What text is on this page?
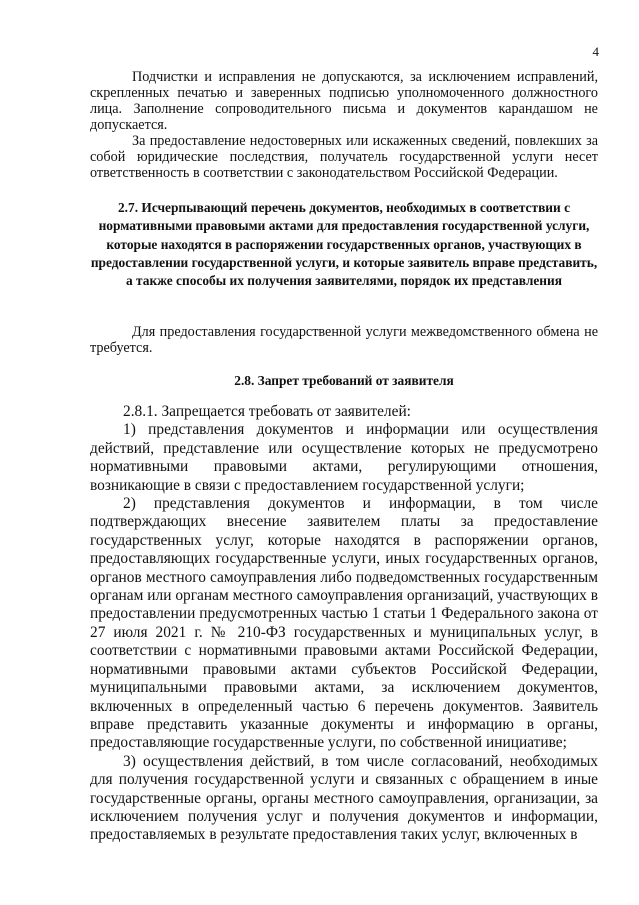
4

Подчистки и исправления не допускаются, за исключением исправлений, скрепленных печатью и заверенных подписью уполномоченного должностного лица. Заполнение сопроводительного письма и документов карандашом не допускается.

За предоставление недостоверных или искаженных сведений, повлекших за собой юридические последствия, получатель государственной услуги несет ответственность в соответствии с законодательством Российской Федерации.

2.7. Исчерпывающий перечень документов, необходимых в соответствии с нормативными правовыми актами для предоставления государственной услуги, которые находятся в распоряжении государственных органов, участвующих в предоставлении государственной услуги, и которые заявитель вправе представить, а также способы их получения заявителями, порядок их представления

Для предоставления государственной услуги межведомственного обмена не требуется.

2.8. Запрет требований от заявителя

2.8.1. Запрещается требовать от заявителей:

1) представления документов и информации или осуществления действий, представление или осуществление которых не предусмотрено нормативными правовыми актами, регулирующими отношения, возникающие в связи с предоставлением государственной услуги;

2) представления документов и информации, в том числе подтверждающих внесение заявителем платы за предоставление государственных услуг, которые находятся в распоряжении органов, предоставляющих государственные услуги, иных государственных органов, органов местного самоуправления либо подведомственных государственным органам или органам местного самоуправления организаций, участвующих в предоставлении предусмотренных частью 1 статьи 1 Федерального закона от 27 июля 2021 г. № 210-ФЗ государственных и муниципальных услуг, в соответствии с нормативными правовыми актами Российской Федерации, нормативными правовыми актами субъектов Российской Федерации, муниципальными правовыми актами, за исключением документов, включенных в определенный частью 6 перечень документов. Заявитель вправе представить указанные документы и информацию в органы, предоставляющие государственные услуги, по собственной инициативе;

3) осуществления действий, в том числе согласований, необходимых для получения государственной услуги и связанных с обращением в иные государственные органы, органы местного самоуправления, организации, за исключением получения услуг и получения документов и информации, предоставляемых в результате предоставления таких услуг, включенных в
